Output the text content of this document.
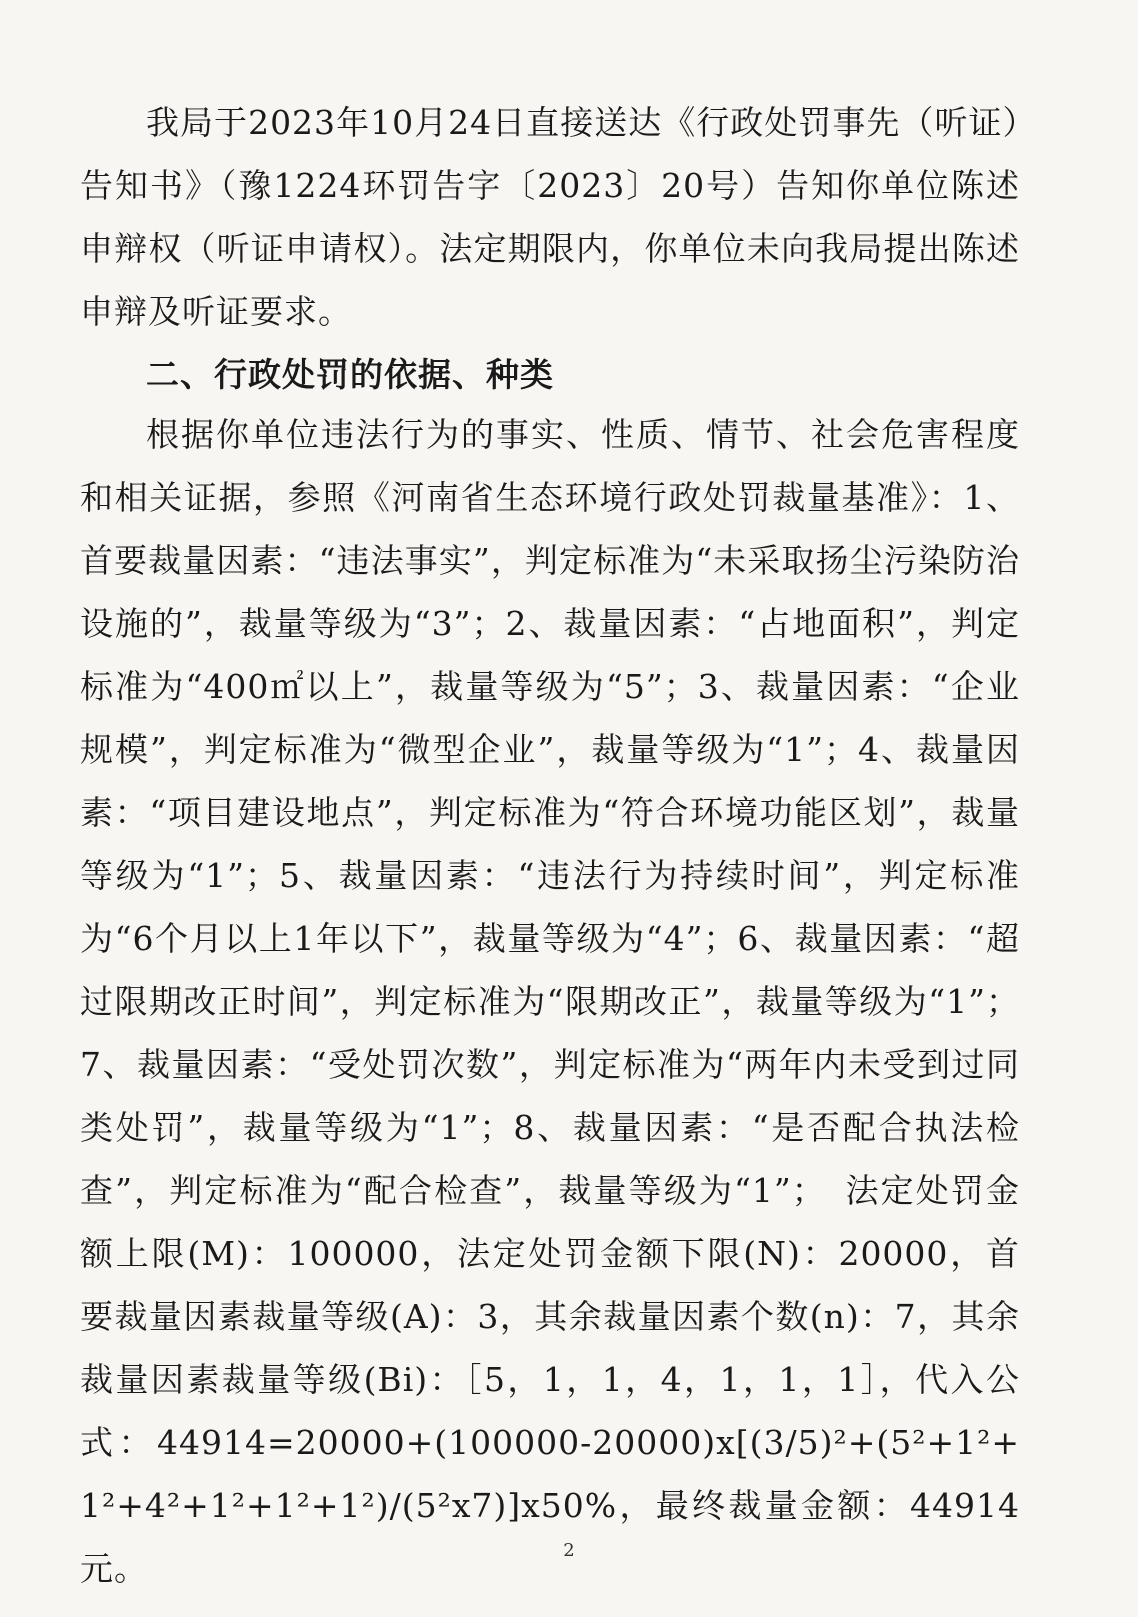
我局于2023年10月24日直接送达《行政处罚事先（听证）告知书》（豫1224环罚告字〔2023〕20号）告知你单位陈述申辩权（听证申请权）。法定期限内，你单位未向我局提出陈述申辩及听证要求。

二、行政处罚的依据、种类

根据你单位违法行为的事实、性质、情节、社会危害程度和相关证据，参照《河南省生态环境行政处罚裁量基准》：1、首要裁量因素：“违法事实”，判定标准为“未采取扬尘污染防治设施的”，裁量等级为“3”；2、裁量因素：“占地面积”，判定标准为“400㎡以上”，裁量等级为“5”；3、裁量因素：“企业规模”，判定标准为“微型企业”，裁量等级为“1”；4、裁量因素：“项目建设地点”，判定标准为“符合环境功能区划”，裁量等级为“1”；5、裁量因素：“违法行为持续时间”，判定标准为“6个月以上1年以下”，裁量等级为“4”；6、裁量因素：“超过限期改正时间”，判定标准为“限期改正”，裁量等级为“1”；7、裁量因素：“受处罚次数”，判定标准为“两年内未受到过同类处罚”，裁量等级为“1”；8、裁量因素：“是否配合执法检查”，判定标准为“配合检查”，裁量等级为“1”；　法定处罚金额上限(M)：100000，法定处罚金额下限(N)：20000，首要裁量因素裁量等级(A)：3，其余裁量因素个数(n)：7，其余裁量因素裁量等级(Bi)：［5，1，1，4，1，1，1］，代入公式：44914=20000+(100000-20000)x[(3/5)²+(5²+1²+1²+4²+1²+1²+1²)/(5²x7)]x50%，最终裁量金额：44914元。	2
